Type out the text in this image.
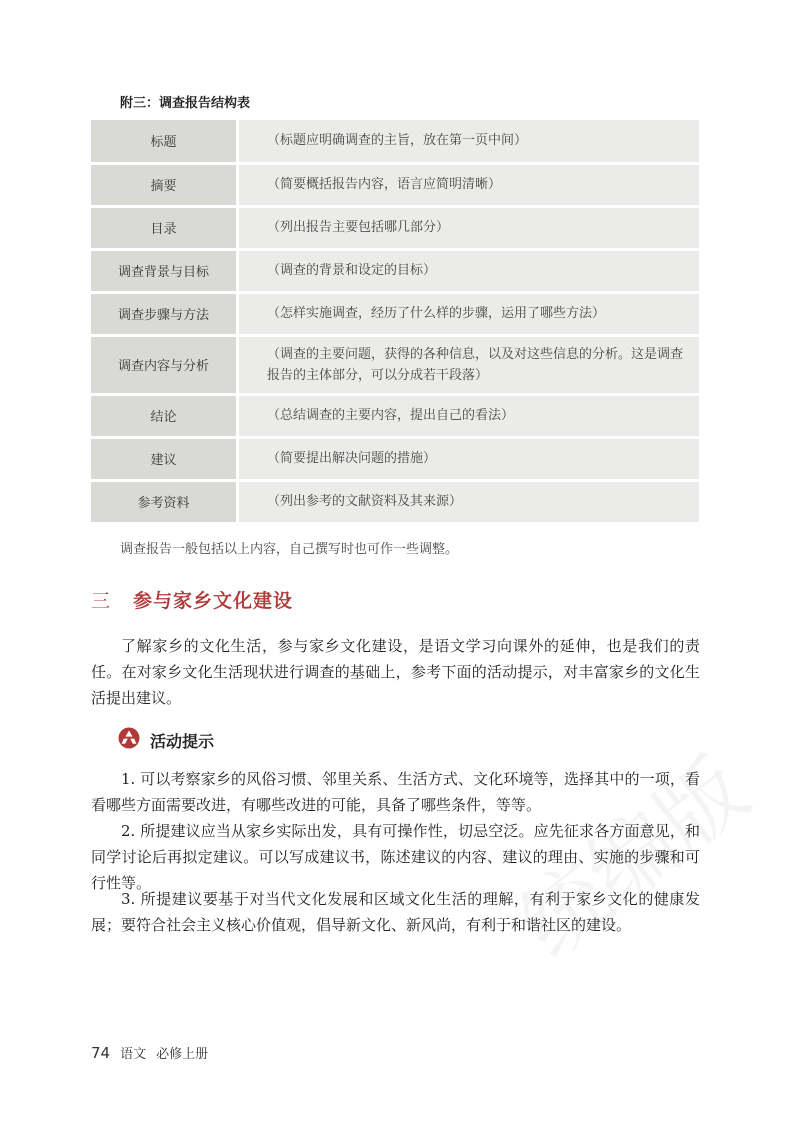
附三：调查报告结构表
标题	（标题应明确调查的主旨，放在第一页中间）
摘要	（简要概括报告内容，语言应简明清晰）
目录	（列出报告主要包括哪几部分）
调查背景与目标	（调查的背景和设定的目标）
调查步骤与方法	（怎样实施调查，经历了什么样的步骤，运用了哪些方法）
调查内容与分析	（调查的主要问题，获得的各种信息，以及对这些信息的分析。这是调查报告的主体部分，可以分成若干段落）
结论	（总结调查的主要内容，提出自己的看法）
建议	（简要提出解决问题的措施）
参考资料	（列出参考的文献资料及其来源）
调查报告一般包括以上内容，自己撰写时也可作一些调整。
三 参与家乡文化建设

了解家乡的文化生活，参与家乡文化建设，是语文学习向课外的延伸，也是我们的责任。在对家乡文化生活现状进行调查的基础上，参考下面的活动提示，对丰富家乡的文化生活提出建议。

活动提示

1. 可以考察家乡的风俗习惯、邻里关系、生活方式、文化环境等，选择其中的一项，看看哪些方面需要改进，有哪些改进的可能，具备了哪些条件，等等。

2. 所提建议应当从家乡实际出发，具有可操作性，切忌空泛。应先征求各方面意见，和同学讨论后再拟定建议。可以写成建议书，陈述建议的内容、建议的理由、实施的步骤和可行性等。

3. 所提建议要基于对当代文化发展和区域文化生活的理解，有利于家乡文化的健康发展；要符合社会主义核心价值观，倡导新文化、新风尚，有利于和谐社区的建设。

74 语文 必修上册
